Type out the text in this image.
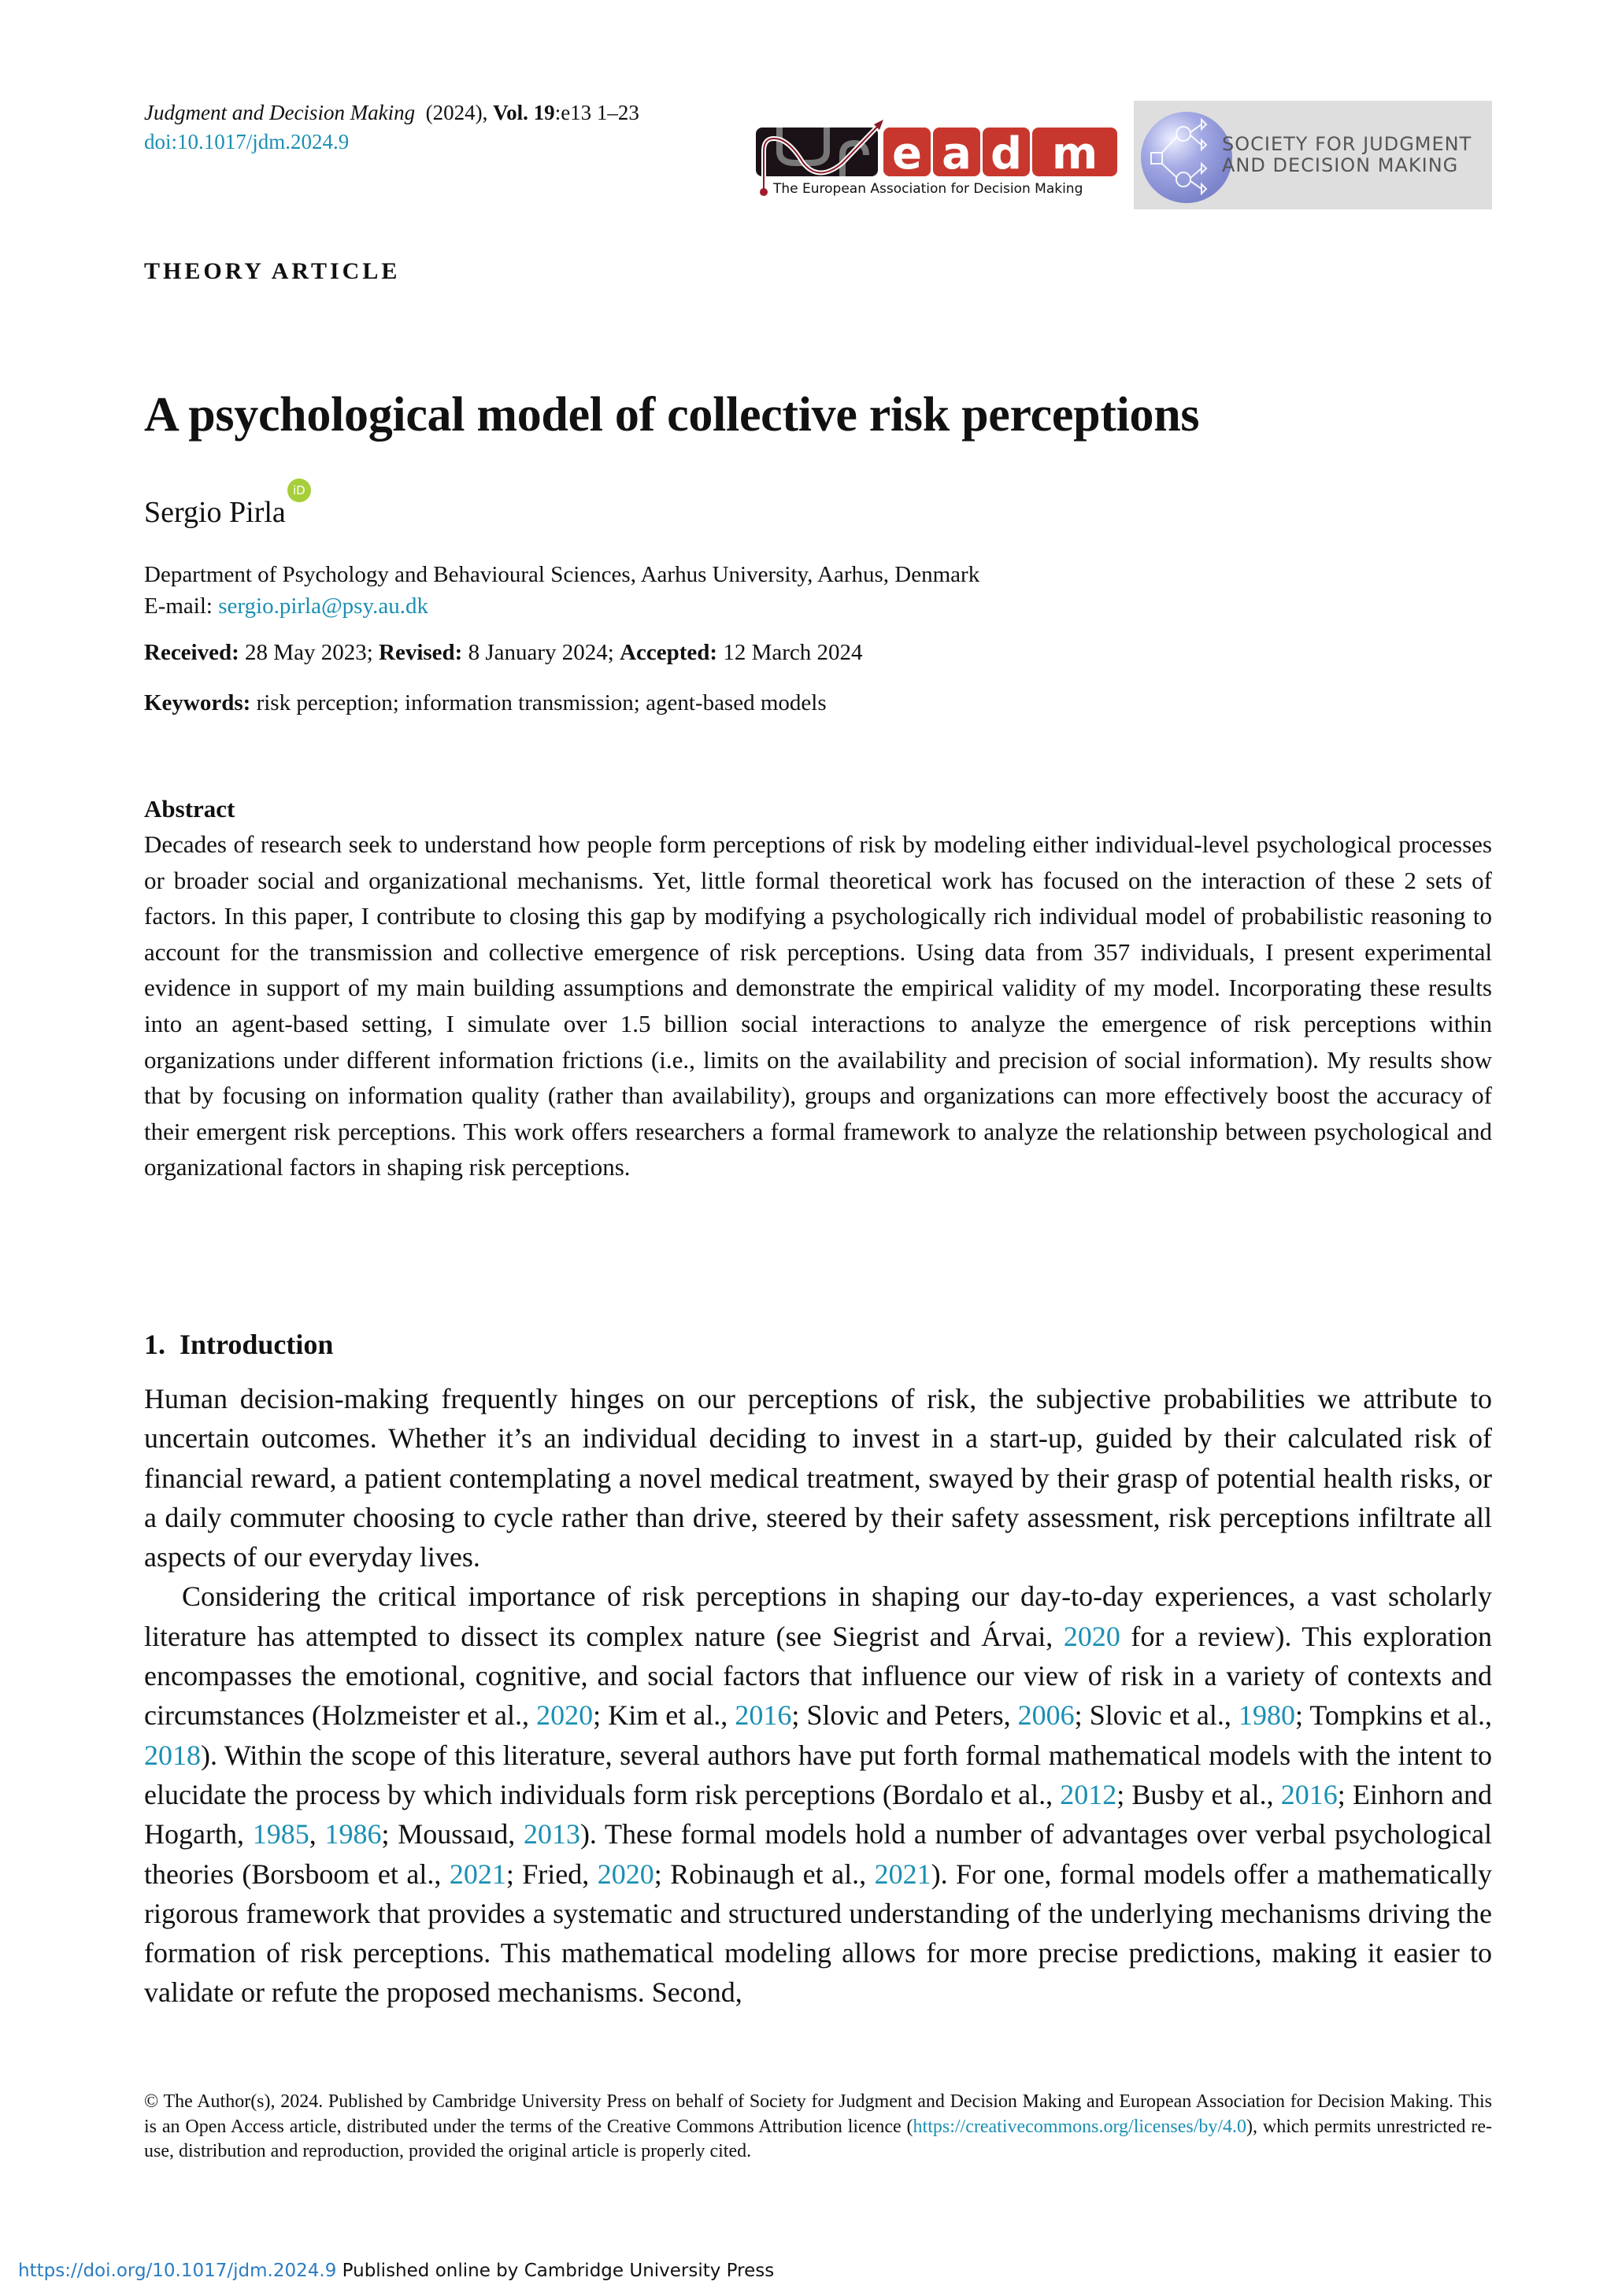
Judgment and Decision Making (2024), Vol. 19:e13 1–23
doi:10.1017/jdm.2024.9	e a d m
The European Association for Decision Making
SOCIETY FOR JUDGMENT
AND DECISION MAKING
THEORY ARTICLE
A psychological model of collective risk perceptions
Sergio PirlaiD
Department of Psychology and Behavioural Sciences, Aarhus University, Aarhus, Denmark
E-mail: sergio.pirla@psy.au.dk
Received: 28 May 2023; Revised: 8 January 2024; Accepted: 12 March 2024
Keywords: risk perception; information transmission; agent-based models
Abstract
Decades of research seek to understand how people form perceptions of risk by modeling either individual-level psychological processes or broader social and organizational mechanisms. Yet, little formal theoretical work has focused on the interaction of these 2 sets of factors. In this paper, I contribute to closing this gap by modifying a psychologically rich individual model of probabilistic reasoning to account for the transmission and collective emergence of risk perceptions. Using data from 357 individuals, I present experimental evidence in support of my main building assumptions and demonstrate the empirical validity of my model. Incorporating these results into an agent-based setting, I simulate over 1.5 billion social interactions to analyze the emergence of risk perceptions within organizations under different information frictions (i.e., limits on the availability and precision of social information). My results show that by focusing on information quality (rather than availability), groups and organizations can more effectively boost the accuracy of their emergent risk perceptions. This work offers researchers a formal framework to analyze the relationship between psychological and organizational factors in shaping risk perceptions.
1.  Introduction

Human decision-making frequently hinges on our perceptions of risk, the subjective probabilities we attribute to uncertain outcomes. Whether it’s an individual deciding to invest in a start-up, guided by their calculated risk of financial reward, a patient contemplating a novel medical treatment, swayed by their grasp of potential health risks, or a daily commuter choosing to cycle rather than drive, steered by their safety assessment, risk perceptions infiltrate all aspects of our everyday lives.

Considering the critical importance of risk perceptions in shaping our day-to-day experiences, a vast scholarly literature has attempted to dissect its complex nature (see Siegrist and Árvai, 2020 for a review). This exploration encompasses the emotional, cognitive, and social factors that influence our view of risk in a variety of contexts and circumstances (Holzmeister et al., 2020; Kim et al., 2016; Slovic and Peters, 2006; Slovic et al., 1980; Tompkins et al., 2018). Within the scope of this literature, several authors have put forth formal mathematical models with the intent to elucidate the process by which individuals form risk perceptions (Bordalo et al., 2012; Busby et al., 2016; Einhorn and Hogarth, 1985, 1986; Moussaıd, 2013). These formal models hold a number of advantages over verbal psychological theories (Borsboom et al., 2021; Fried, 2020; Robinaugh et al., 2021). For one, formal models offer a mathematically rigorous framework that provides a systematic and structured understanding of the underlying mechanisms driving the formation of risk perceptions. This mathematical modeling allows for more precise predictions, making it easier to validate or refute the proposed mechanisms. Second,

© The Author(s), 2024. Published by Cambridge University Press on behalf of Society for Judgment and Decision Making and European Association for Decision Making. This is an Open Access article, distributed under the terms of the Creative Commons Attribution licence (https://creativecommons.org/licenses/by/4.0), which permits unrestricted re-use, distribution and reproduction, provided the original article is properly cited.
https://doi.org/10.1017/jdm.2024.9 Published online by Cambridge University Press
